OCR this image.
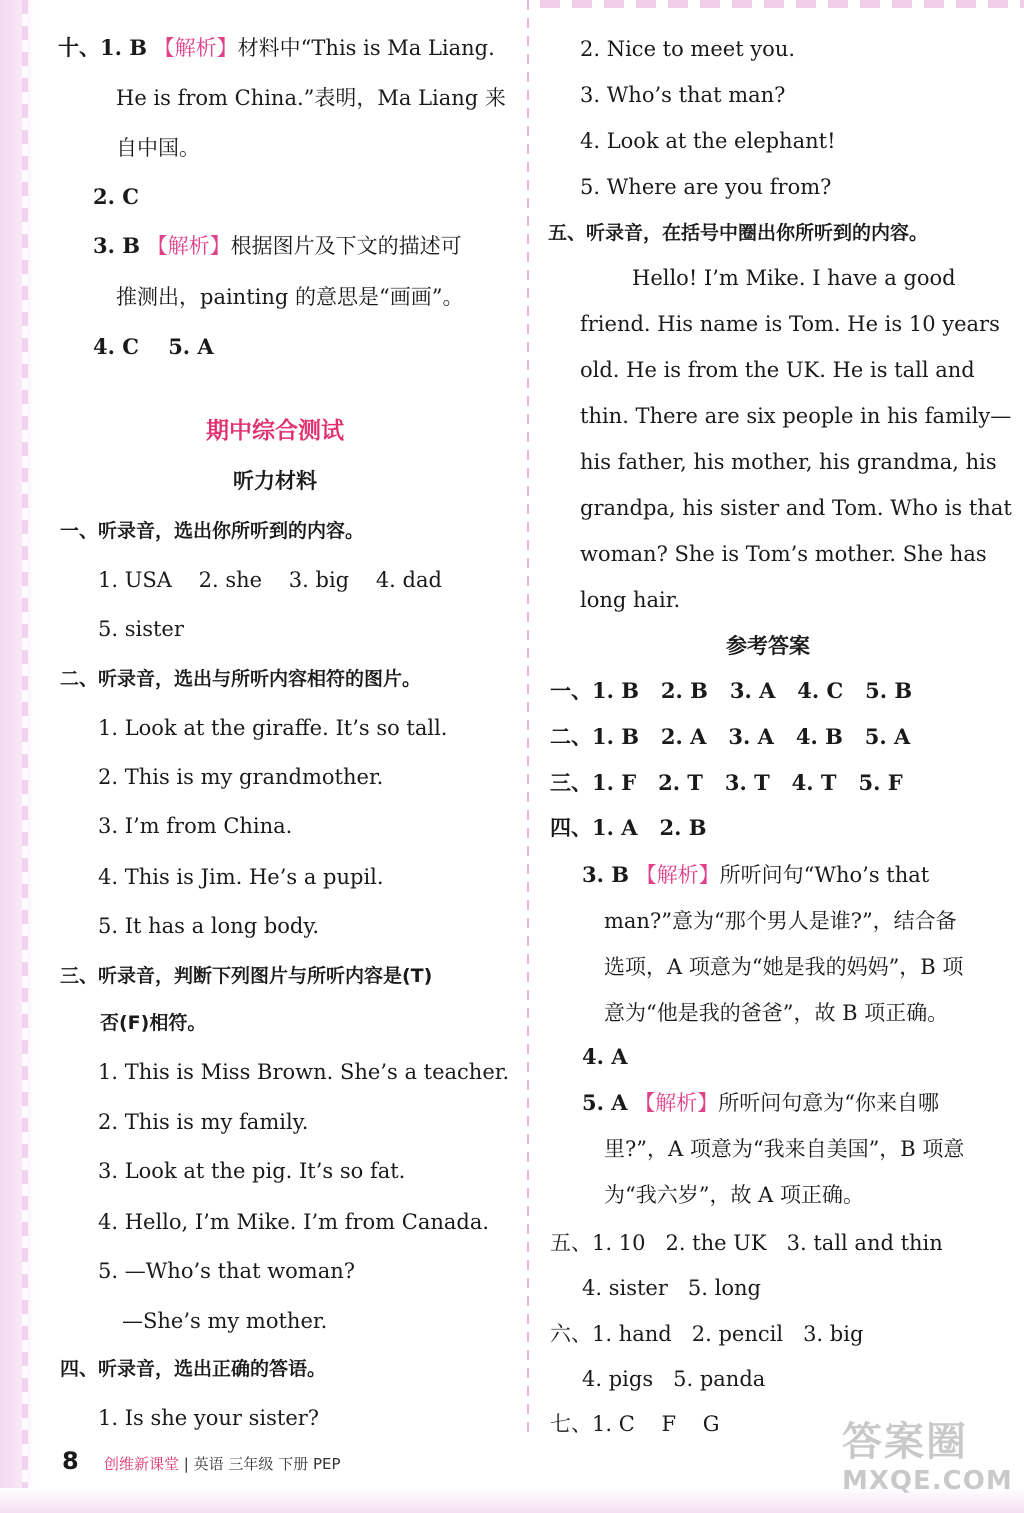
十、1. B 【解析】材料中“This is Ma Liang.
He is from China.”表明，Ma Liang 来
自中国。
2. C
3. B 【解析】根据图片及下文的描述可
推测出，painting 的意思是“画画”。
4. C    5. A
期中综合测试
听力材料
一、听录音，选出你所听到的内容。
1. USA    2. she    3. big    4. dad
5. sister
二、听录音，选出与所听内容相符的图片。
1. Look at the giraffe. It’s so tall.
2. This is my grandmother.
3. I’m from China.
4. This is Jim. He’s a pupil.
5. It has a long body.
三、听录音，判断下列图片与所听内容是(T)
否(F)相符。
1. This is Miss Brown. She’s a teacher.
2. This is my family.
3. Look at the pig. It’s so fat.
4. Hello, I’m Mike. I’m from Canada.
5. —Who’s that woman?
—She’s my mother.
四、听录音，选出正确的答语。
1. Is she your sister?
2. Nice to meet you.
3. Who’s that man?
4. Look at the elephant!
5. Where are you from?
五、听录音，在括号中圈出你所听到的内容。
Hello! I’m Mike. I have a good
friend. His name is Tom. He is 10 years
old. He is from the UK. He is tall and
thin. There are six people in his family—
his father, his mother, his grandma, his
grandpa, his sister and Tom. Who is that
woman? She is Tom’s mother. She has
long hair.
参考答案
一、1. B   2. B   3. A   4. C   5. B
二、1. B   2. A   3. A   4. B   5. A
三、1. F   2. T   3. T   4. T   5. F
四、1. A   2. B
3. B 【解析】所听问句“Who’s that
man?”意为“那个男人是谁?”，结合备
选项，A 项意为“她是我的妈妈”，B 项
意为“他是我的爸爸”，故 B 项正确。
4. A
5. A 【解析】所听问句意为“你来自哪
里?”，A 项意为“我来自美国”，B 项意
为“我六岁”，故 A 项正确。
五、1. 10   2. the UK   3. tall and thin
4. sister   5. long
六、1. hand   2. pencil   3. big
4. pigs   5. panda
七、1. C    F    G
8 创维新课堂 | 英语 三年级 下册 PEP	答案圈
MXQE.COM
